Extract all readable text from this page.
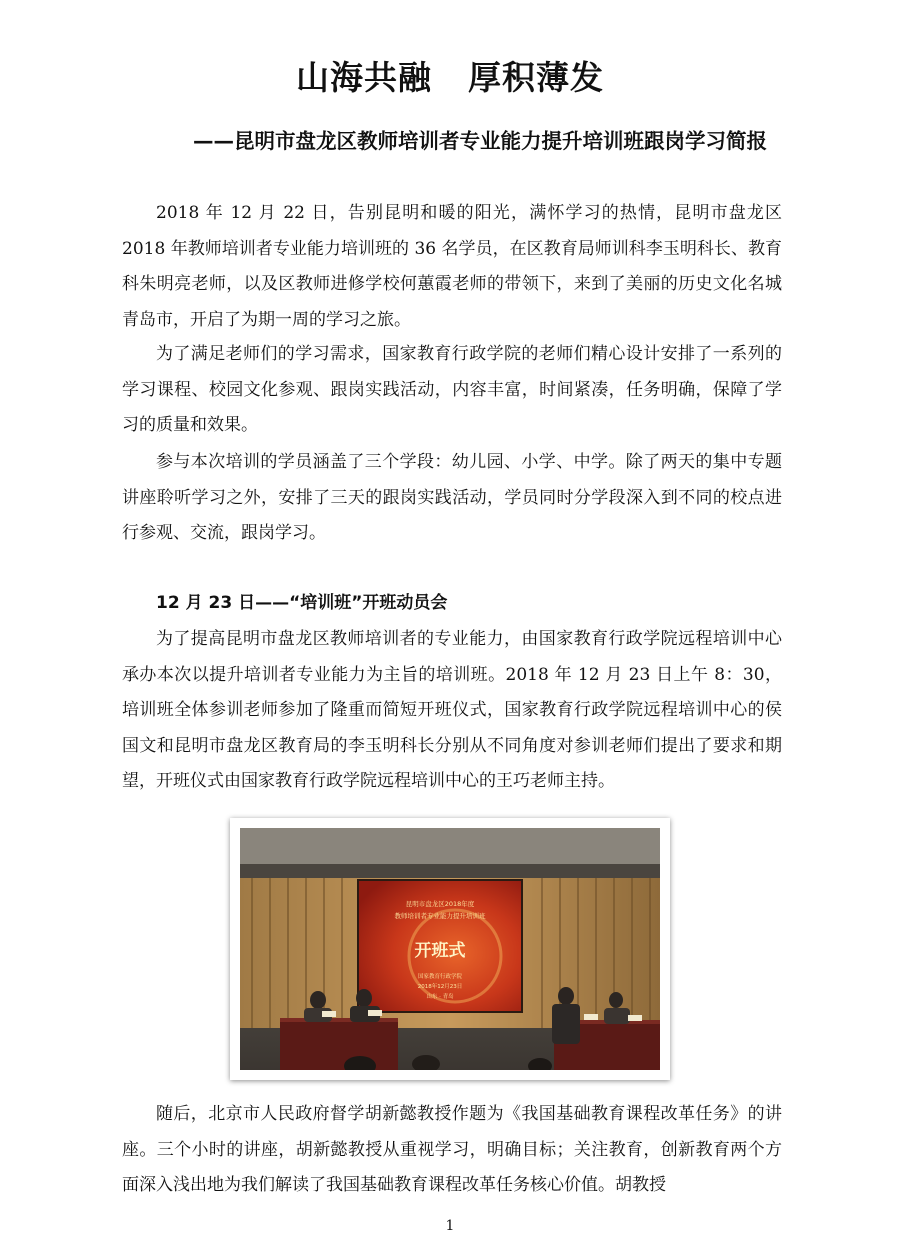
山海共融 厚积薄发
——昆明市盘龙区教师培训者专业能力提升培训班跟岗学习简报

2018 年 12 月 22 日，告别昆明和暖的阳光，满怀学习的热情，昆明市盘龙区 2018 年教师培训者专业能力培训班的 36 名学员，在区教育局师训科李玉明科长、教育科朱明亮老师，以及区教师进修学校何蕙霞老师的带领下，来到了美丽的历史文化名城青岛市，开启了为期一周的学习之旅。

为了满足老师们的学习需求，国家教育行政学院的老师们精心设计安排了一系列的学习课程、校园文化参观、跟岗实践活动，内容丰富，时间紧凑，任务明确，保障了学习的质量和效果。

参与本次培训的学员涵盖了三个学段：幼儿园、小学、中学。除了两天的集中专题讲座聆听学习之外，安排了三天的跟岗实践活动，学员同时分学段深入到不同的校点进行参观、交流，跟岗学习。

12 月 23 日——“培训班”开班动员会

为了提高昆明市盘龙区教师培训者的专业能力，由国家教育行政学院远程培训中心承办本次以提升培训者专业能力为主旨的培训班。2018 年 12 月 23 日上午 8：30，培训班全体参训老师参加了隆重而简短开班仪式，国家教育行政学院远程培训中心的侯国文和昆明市盘龙区教育局的李玉明科长分别从不同角度对参训老师们提出了要求和期望，开班仪式由国家教育行政学院远程培训中心的王巧老师主持。

昆明市盘龙区2018年度
教师培训者专业能力提升培训班
开班式
国家教育行政学院
2018年12月23日
山东 · 青岛

随后，北京市人民政府督学胡新懿教授作题为《我国基础教育课程改革任务》的讲座。三个小时的讲座，胡新懿教授从重视学习，明确目标；关注教育，创新教育两个方面深入浅出地为我们解读了我国基础教育课程改革任务核心价值。胡教授

1
